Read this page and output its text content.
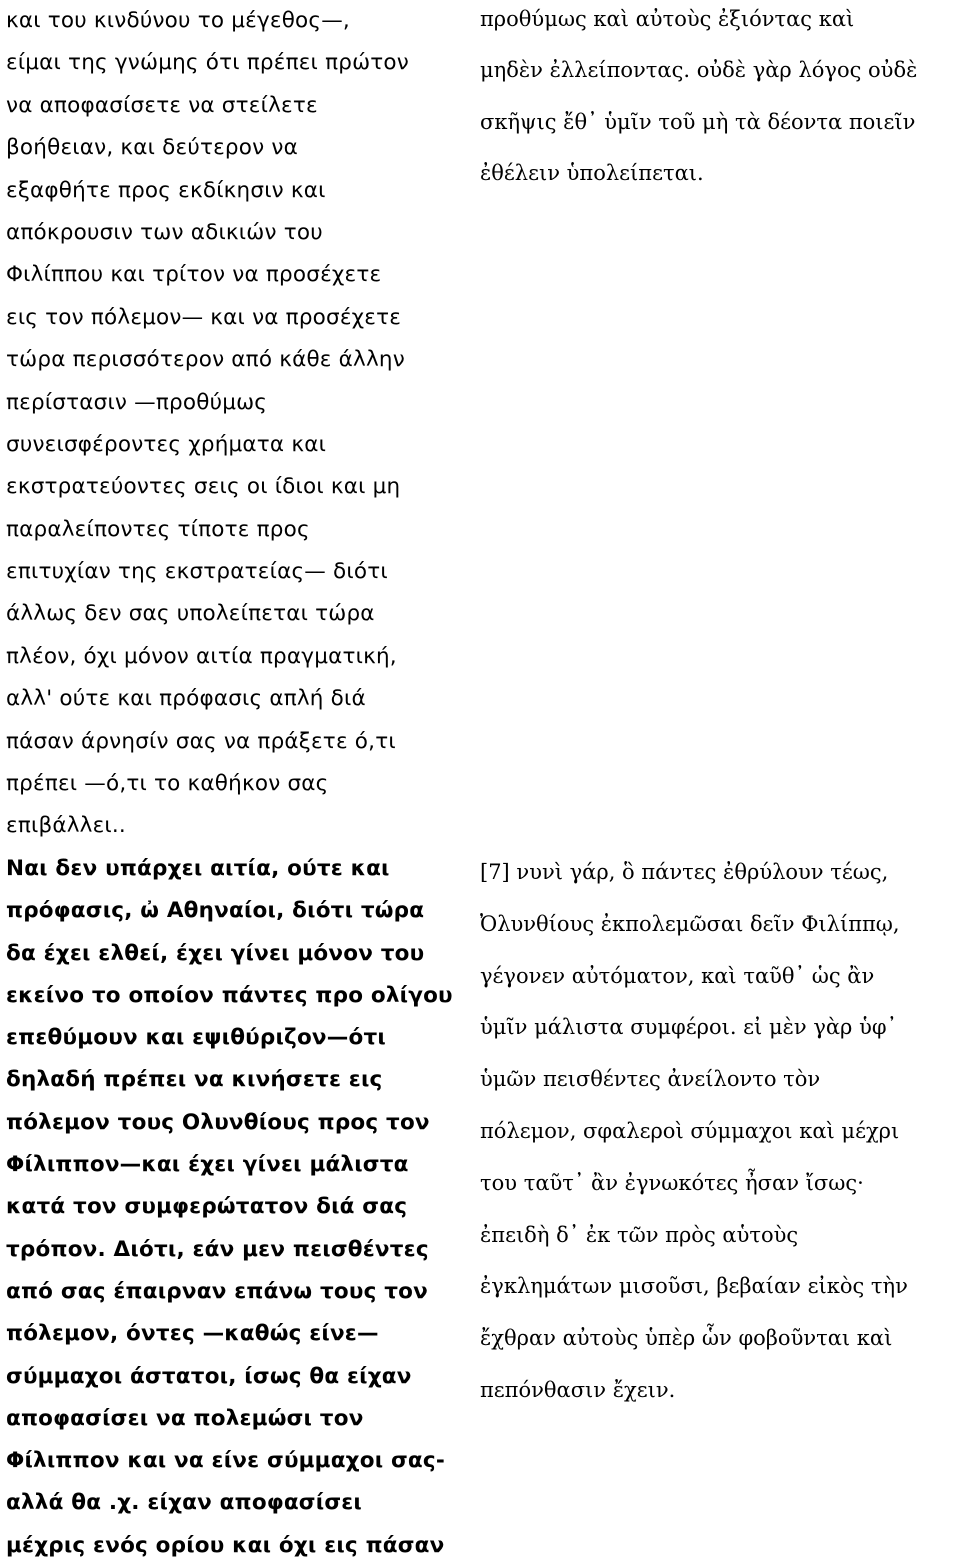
και του κινδύνου το μέγεθος—,
είμαι της γνώμης ότι πρέπει πρώτον
να αποφασίσετε να στείλετε
βοήθειαν, και δεύτερον να
εξαφθήτε προς εκδίκησιν και
απόκρουσιν των αδικιών του
Φιλίππου και τρίτον να προσέχετε
εις τον πόλεμον— και να προσέχετε
τώρα περισσότερον από κάθε άλλην
περίστασιν —προθύμως
συνεισφέροντες χρήματα και
εκστρατεύοντες σεις οι ίδιοι και μη
παραλείποντες τίποτε προς
επιτυχίαν της εκστρατείας— διότι
άλλως δεν σας υπολείπεται τώρα
πλέον, όχι μόνον αιτία πραγματική,
αλλ' ούτε και πρόφασις απλή διά
πάσαν άρνησίν σας να πράξετε ό,τι
πρέπει —ό,τι το καθήκον σας
επιβάλλει..
Ναι δεν υπάρχει αιτία, ούτε και
πρόφασις, ὠ Αθηναίοι, διότι τώρα
δα έχει ελθεί, έχει γίνει μόνον του
εκείνο το οποίον πάντες προ ολίγου
επεθύμουν και εψιθύριζον—ότι
δηλαδή πρέπει να κινήσετε εις
πόλεμον τους Ολυνθίους προς τον
Φίλιππον—και έχει γίνει μάλιστα
κατά τον συμφερώτατον διά σας
τρόπον. Διότι, εάν μεν πεισθέντες
από σας έπαιρναν επάνω τους τον
πόλεμον, όντες —καθώς είνε—
σύμμαχοι άστατοι, ίσως θα είχαν
αποφασίσει να πολεμώσι τον
Φίλιππον και να είνε σύμμαχοι σας-
αλλά θα .χ. είχαν αποφασίσει
μέχρις ενός ορίου και όχι εις πάσαν
προθύμως καὶ αὐτοὺς ἐξιόντας καὶ
μηδὲν ἐλλείποντας. οὐδὲ γὰρ λόγος οὐδὲ
σκῆψις ἔθ᾽ ὑμῖν τοῦ μὴ τὰ δέοντα ποιεῖν
ἐθέλειν ὑπολείπεται.
[7] νυνὶ γάρ, ὃ πάντες ἐθρύλουν τέως,
Ὀλυνθίους ἐκπολεμῶσαι δεῖν Φιλίππῳ,
γέγονεν αὐτόματον, καὶ ταῦθ᾽ ὡς ἂν
ὑμῖν μάλιστα συμφέροι. εἰ μὲν γὰρ ὑφ᾽
ὑμῶν πεισθέντες ἀνείλοντο τὸν
πόλεμον, σφαλεροὶ σύμμαχοι καὶ μέχρι
του ταῦτ᾽ ἂν ἐγνωκότες ἦσαν ἴσως·
ἐπειδὴ δ᾽ ἐκ τῶν πρὸς αὑτοὺς
ἐγκλημάτων μισοῦσι, βεβαίαν εἰκὸς τὴν
ἔχθραν αὐτοὺς ὑπὲρ ὧν φοβοῦνται καὶ
πεπόνθασιν ἔχειν.
